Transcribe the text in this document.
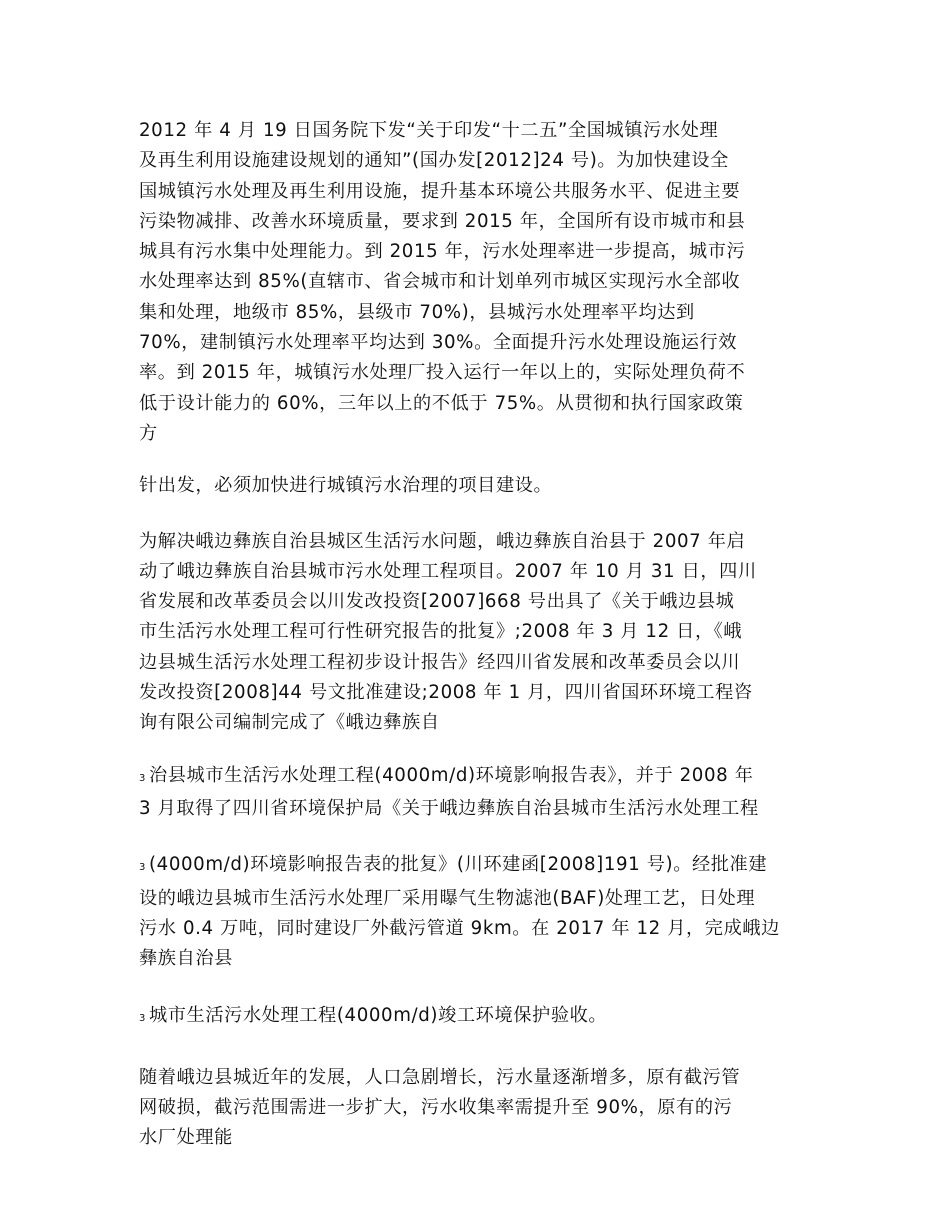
2012 年 4 月 19 日国务院下发“关于印发“十二五”全国城镇污水处理
及再生利用设施建设规划的通知”(国办发[2012]24 号)。为加快建设全
国城镇污水处理及再生利用设施，提升基本环境公共服务水平、促进主要
污染物减排、改善水环境质量，要求到 2015 年，全国所有设市城市和县
城具有污水集中处理能力。到 2015 年，污水处理率进一步提高，城市污
水处理率达到 85%(直辖市、省会城市和计划单列市城区实现污水全部收
集和处理，地级市 85%，县级市 70%)，县城污水处理率平均达到
70%，建制镇污水处理率平均达到 30%。全面提升污水处理设施运行效
率。到 2015 年，城镇污水处理厂投入运行一年以上的，实际处理负荷不
低于设计能力的 60%，三年以上的不低于 75%。从贯彻和执行国家政策
方

针出发，必须加快进行城镇污水治理的项目建设。

为解决峨边彝族自治县城区生活污水问题，峨边彝族自治县于 2007 年启
动了峨边彝族自治县城市污水处理工程项目。2007 年 10 月 31 日，四川
省发展和改革委员会以川发改投资[2007]668 号出具了《关于峨边县城
市生活污水处理工程可行性研究报告的批复》;2008 年 3 月 12 日，《峨
边县城生活污水处理工程初步设计报告》经四川省发展和改革委员会以川
发改投资[2008]44 号文批准建设;2008 年 1 月，四川省国环环境工程咨
询有限公司编制完成了《峨边彝族自

3 治县城市生活污水处理工程(4000m/d)环境影响报告表》，并于 2008 年
3 月取得了四川省环境保护局《关于峨边彝族自治县城市生活污水处理工程

3 (4000m/d)环境影响报告表的批复》(川环建函[2008]191 号)。经批准建
设的峨边县城市生活污水处理厂采用曝气生物滤池(BAF)处理工艺，日处理
污水 0.4 万吨，同时建设厂外截污管道 9km。在 2017 年 12 月，完成峨边
彝族自治县

3 城市生活污水处理工程(4000m/d)竣工环境保护验收。

随着峨边县城近年的发展，人口急剧增长，污水量逐渐增多，原有截污管
网破损，截污范围需进一步扩大，污水收集率需提升至 90%，原有的污
水厂处理能
